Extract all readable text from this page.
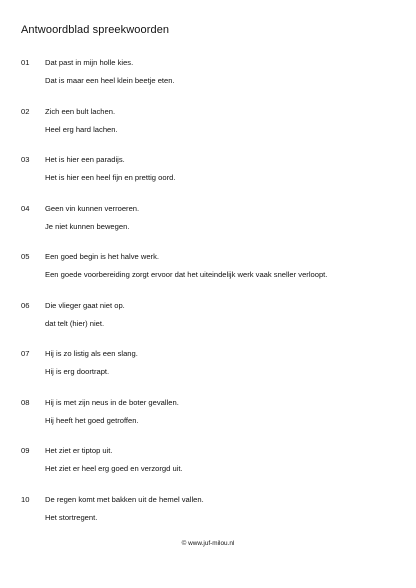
Antwoordblad spreekwoorden
01 Dat past in mijn holle kies.
Dat is maar een heel klein beetje eten.
02 Zich een bult lachen.
Heel erg hard lachen.
03 Het is hier een paradijs.
Het is hier een heel fijn en prettig oord.
04 Geen vin kunnen verroeren.
Je niet kunnen bewegen.
05 Een goed begin is het halve werk.
Een goede voorbereiding zorgt ervoor dat het uiteindelijk werk vaak sneller verloopt.
06 Die vlieger gaat niet op.
dat telt (hier) niet.
07 Hij is zo listig als een slang.
Hij is erg doortrapt.
08 Hij is met zijn neus in de boter gevallen.
Hij heeft het goed getroffen.
09 Het ziet er tiptop uit.
Het ziet er heel erg goed en verzorgd uit.
10 De regen komt met bakken uit de hemel vallen.
Het stortregent.
© www.juf-milou.nl
